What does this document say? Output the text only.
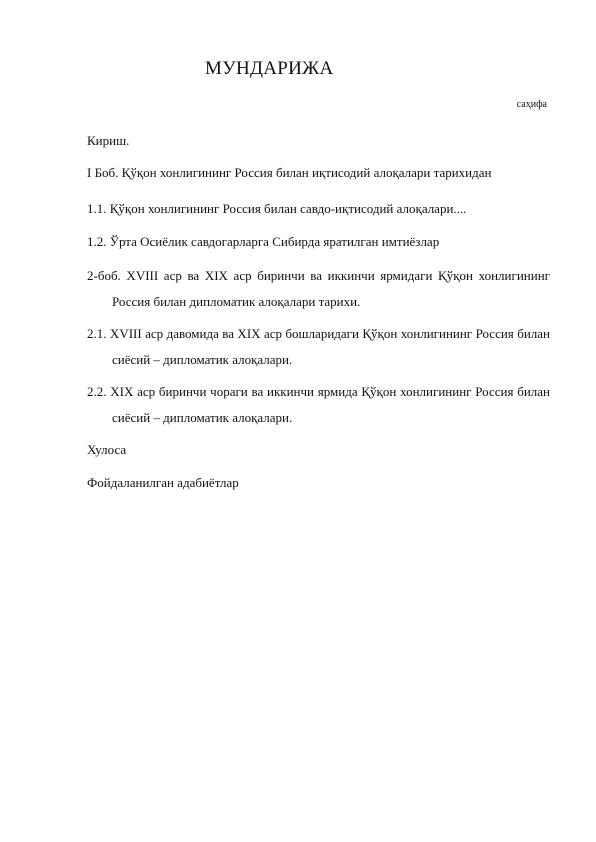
МУНДАРИЖА
саҳифа
Кириш.
I Боб. Қўқон хонлигининг Россия билан иқтисодий алоқалари тарихидан
1.1. Қўқон хонлигининг Россия билан савдо-иқтисодий алоқалари....
1.2. Ўрта Осиёлик савдогарларга Сибирда яратилган имтиёзлар
2-боб. XVIII аср ва XIX аср биринчи ва иккинчи ярмидаги Қўқон хонлигининг Россия билан дипломатик алоқалари тарихи.
2.1. XVIII аср давомида ва XIX аср бошларидаги Қўқон хонлигининг Россия билан сиёсий – дипломатик алоқалари.
2.2. XIX аср биринчи чораги ва иккинчи ярмида Қўқон хонлигининг Россия билан сиёсий – дипломатик алоқалари.
Хулоса
Фойдаланилган адабиётлар
